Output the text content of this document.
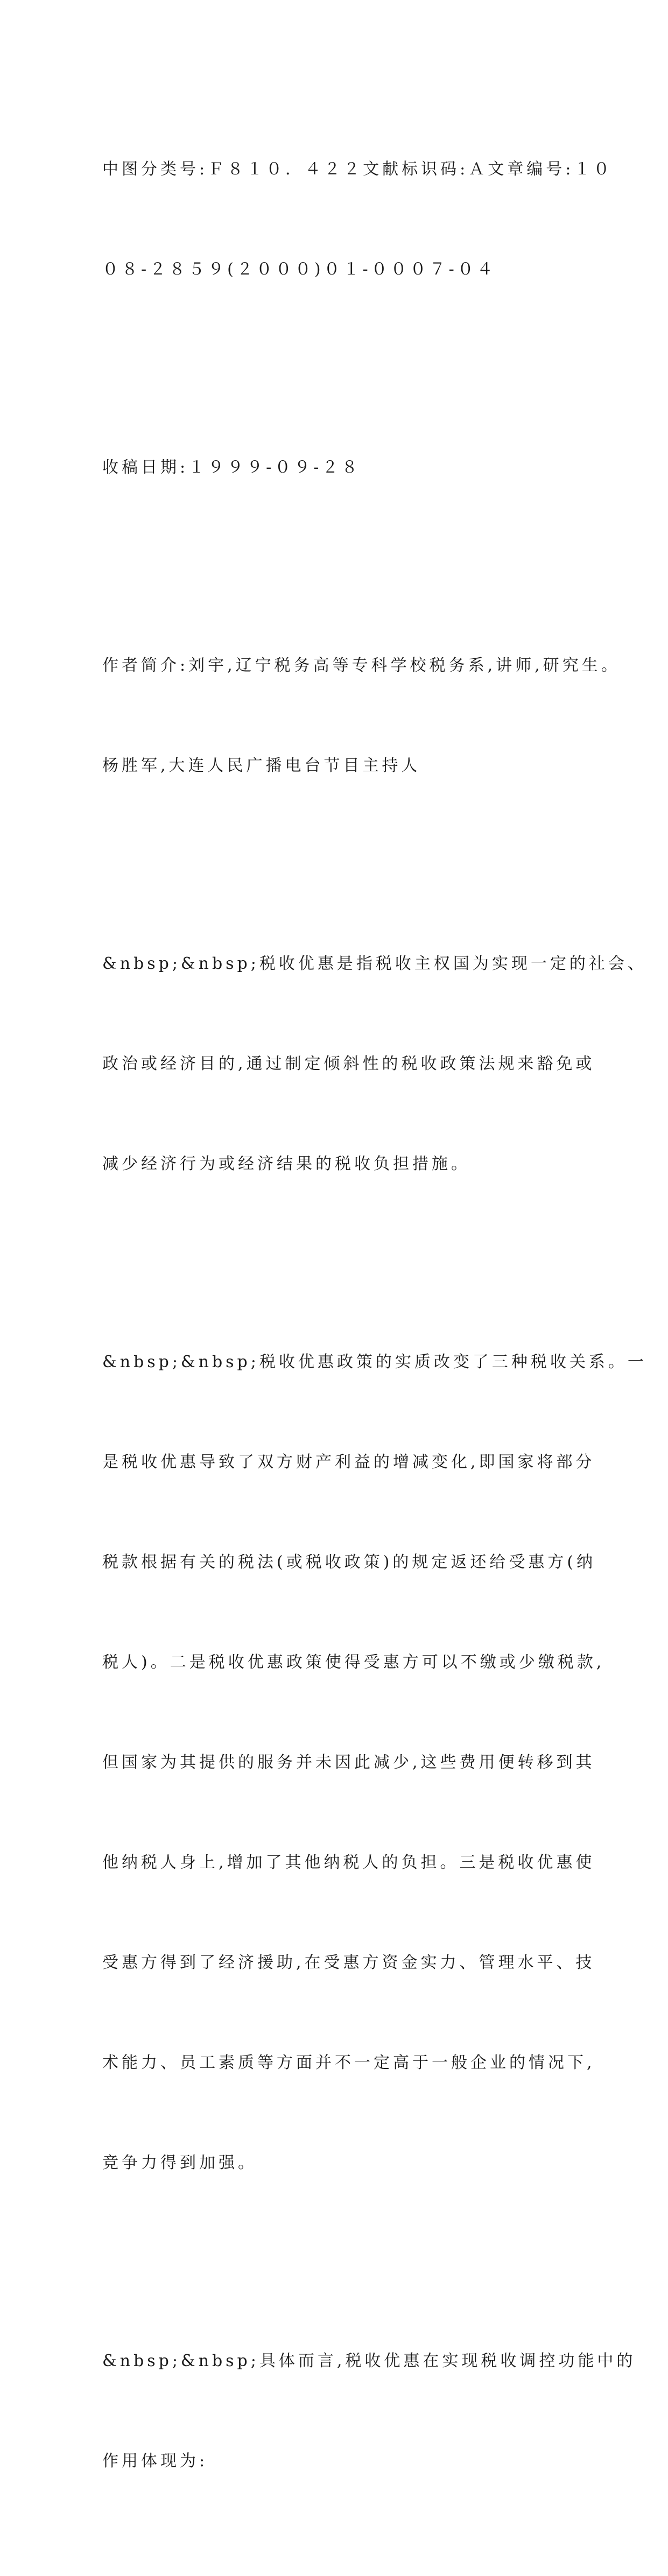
中图分类号:Ｆ８１０．４２２文献标识码:Ａ文章编号:１０

０８-２８５９(２０００)０１-０００７-０４

收稿日期:１９９９-０９-２８

作者简介:刘宇,辽宁税务高等专科学校税务系,讲师,研究生。

杨胜军,大连人民广播电台节目主持人

&nbsp;&nbsp;税收优惠是指税收主权国为实现一定的社会、

政治或经济目的,通过制定倾斜性的税收政策法规来豁免或

减少经济行为或经济结果的税收负担措施。

&nbsp;&nbsp;税收优惠政策的实质改变了三种税收关系。一

是税收优惠导致了双方财产利益的增减变化,即国家将部分

税款根据有关的税法(或税收政策)的规定返还给受惠方(纳

税人)。二是税收优惠政策使得受惠方可以不缴或少缴税款,

但国家为其提供的服务并未因此减少,这些费用便转移到其

他纳税人身上,增加了其他纳税人的负担。三是税收优惠使

受惠方得到了经济援助,在受惠方资金实力、管理水平、技

术能力、员工素质等方面并不一定高于一般企业的情况下,

竞争力得到加强。

&nbsp;&nbsp;具体而言,税收优惠在实现税收调控功能中的

作用体现为:
